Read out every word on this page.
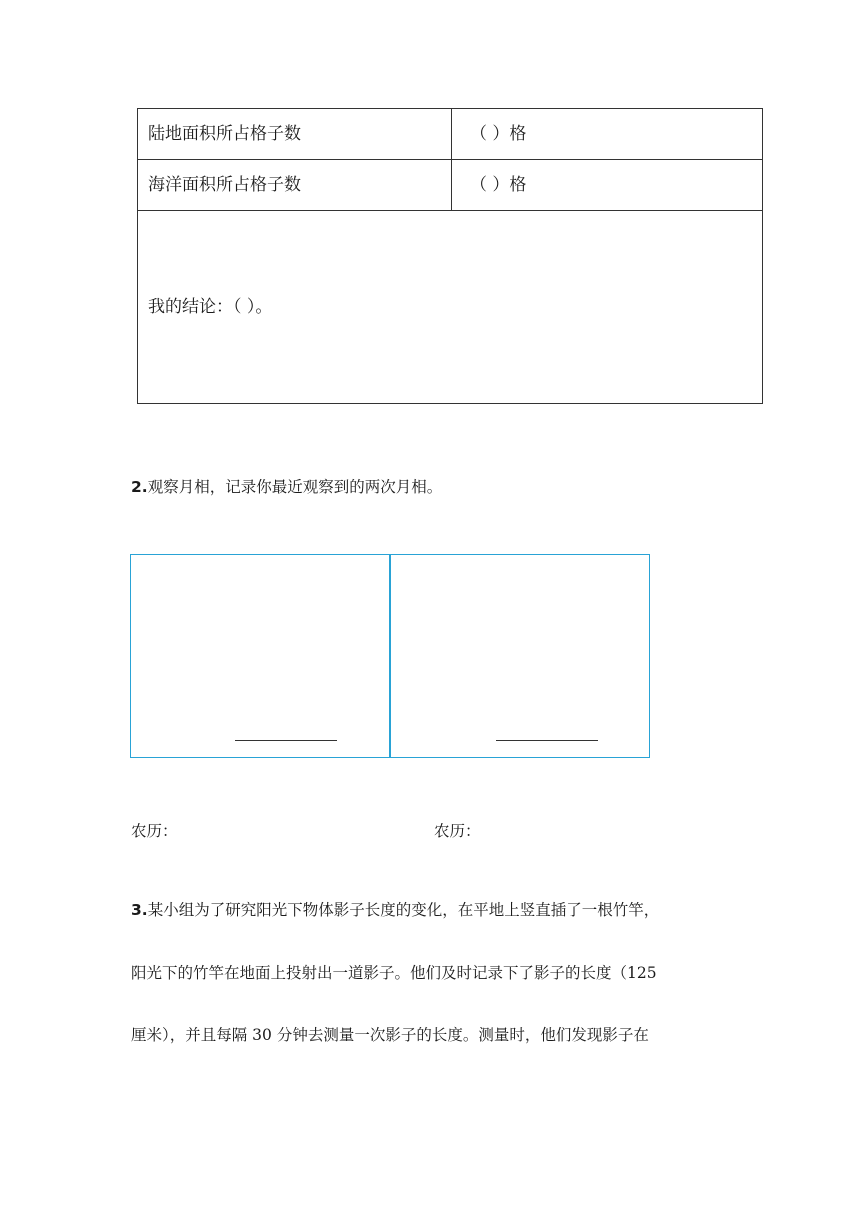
陆地面积所占格子数	（ ）格
海洋面积所占格子数	（ ）格
我的结论：（ ）。
2.观察月相，记录你最近观察到的两次月相。
农历：	农历：
3.某小组为了研究阳光下物体影子长度的变化，在平地上竖直插了一根竹竿，
阳光下的竹竿在地面上投射出一道影子。他们及时记录下了影子的长度（125
厘米），并且每隔 30 分钟去测量一次影子的长度。测量时，他们发现影子在
